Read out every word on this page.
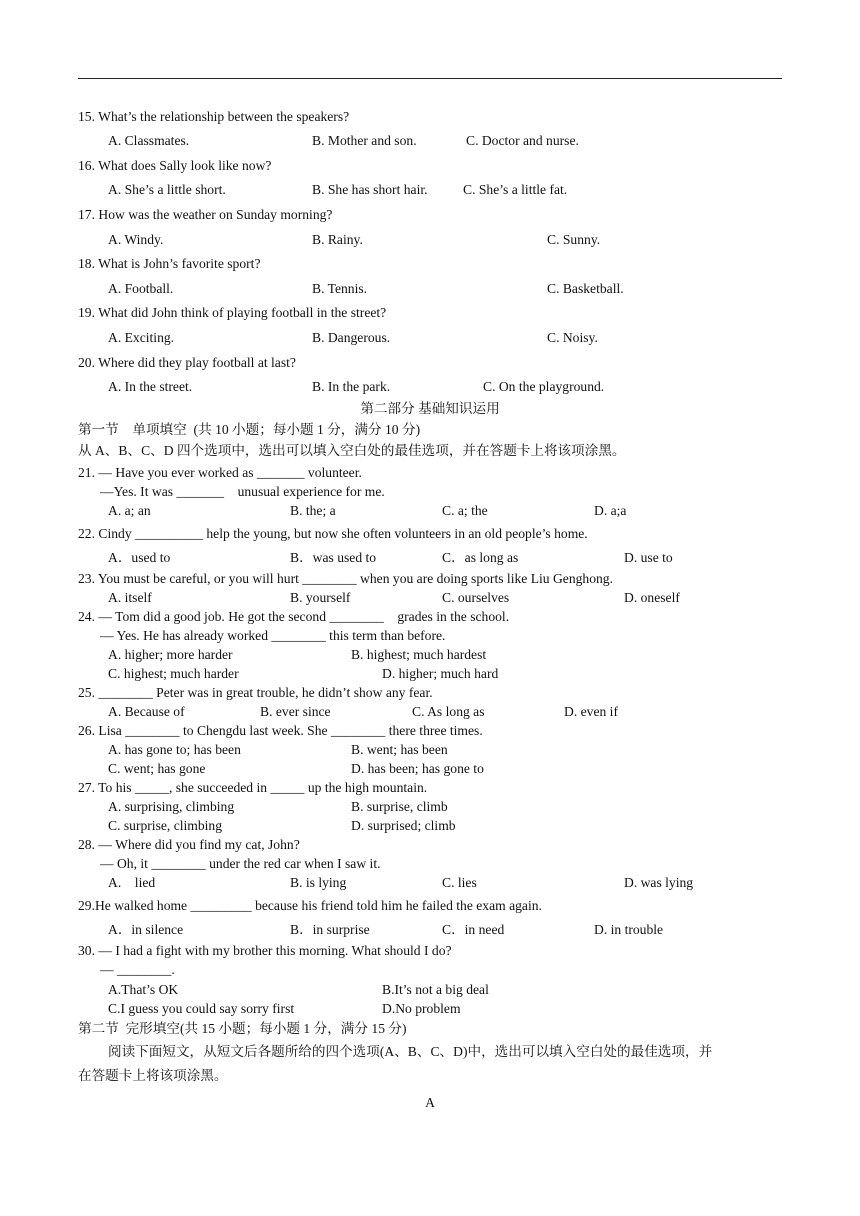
15. What’s the relationship between the speakers?
A. Classmates.	B. Mother and son.	C. Doctor and nurse.
16. What does Sally look like now?
A. She’s a little short.	B. She has short hair.	C. She’s a little fat.
17. How was the weather on Sunday morning?
A. Windy.	B. Rainy.	C. Sunny.
18. What is John’s favorite sport?
A. Football.	B. Tennis.	C. Basketball.
19. What did John think of playing football in the street?
A. Exciting.	B. Dangerous.	C. Noisy.
20. Where did they play football at last?
A. In the street.	B. In the park.	C. On the playground.
第二部分 基础知识运用
第一节    单项填空  (共 10 小题；每小题 1 分，满分 10 分)
从 A、B、C、D 四个选项中，选出可以填入空白处的最佳选项，并在答题卡上将该项涂黑。
21. — Have you ever worked as _______ volunteer.
—Yes. It was _______    unusual experience for me.
A. a; an	B. the; a	C. a; the	D. a;a
22. Cindy __________ help the young, but now she often volunteers in an old people’s home.
A．used to	B．was used to	C．as long as	D. use to
23. You must be careful, or you will hurt ________ when you are doing sports like Liu Genghong.
A. itself	B. yourself	C. ourselves	D. oneself
24. — Tom did a good job. He got the second ________    grades in the school.
— Yes. He has already worked ________ this term than before.
A. higher; more harder	B. highest; much hardest
C. highest; much harder	D. higher; much hard
25. ________ Peter was in great trouble, he didn’t show any fear.
A. Because of	B. ever since	C. As long as	D. even if
26. Lisa ________ to Chengdu last week. She ________ there three times.
A. has gone to; has been	B. went; has been
C. went; has gone	D. has been; has gone to
27. To his _____, she succeeded in _____ up the high mountain.
A. surprising, climbing	B. surprise, climb
C. surprise, climbing	D. surprised; climb
28. — Where did you find my cat, John?
— Oh, it ________ under the red car when I saw it.
A.    lied	B. is lying	C. lies	D. was lying
29.He walked home _________ because his friend told him he failed the exam again.
A．in silence	B．in surprise	C．in need	D. in trouble
30. — I had a fight with my brother this morning. What should I do?
— ________.
A.That’s OK	B.It’s not a big deal
C.I guess you could say sorry first	D.No problem
第二节  完形填空(共 15 小题；每小题 1 分，满分 15 分)
阅读下面短文，从短文后各题所给的四个选项(A、B、C、D)中，选出可以填入空白处的最佳选项，并
在答题卡上将该项涂黑。
A
